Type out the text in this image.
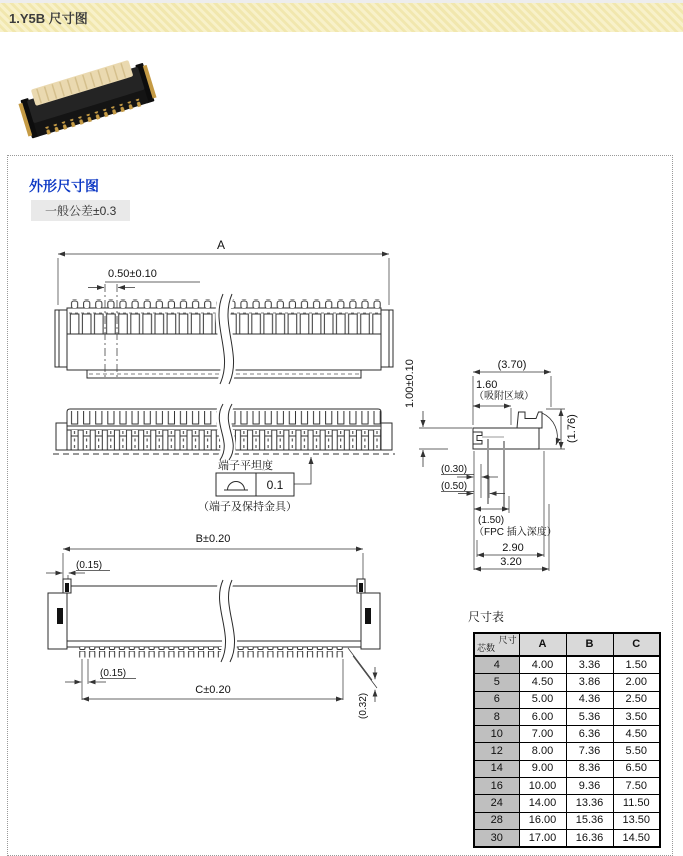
1.Y5B 尺寸图
外形尺寸图
一般公差±0.3
A
0.50±0.10
端子平坦度
0.1
（端子及保持金具）
(3.70)
1.60
（吸附区域）
1.00±0.10
(1.76)
(0.30)
(0.50)
(1.50)
（FPC 插入深度）
2.90
3.20
B±0.20
(0.15)
(0.15)
C±0.20
(0.32)
尺寸表
尺寸
芯数	A	B	C
4	4.00	3.36	1.50
5	4.50	3.86	2.00
6	5.00	4.36	2.50
8	6.00	5.36	3.50
10	7.00	6.36	4.50
12	8.00	7.36	5.50
14	9.00	8.36	6.50
16	10.00	9.36	7.50
24	14.00	13.36	11.50
28	16.00	15.36	13.50
30	17.00	16.36	14.50
